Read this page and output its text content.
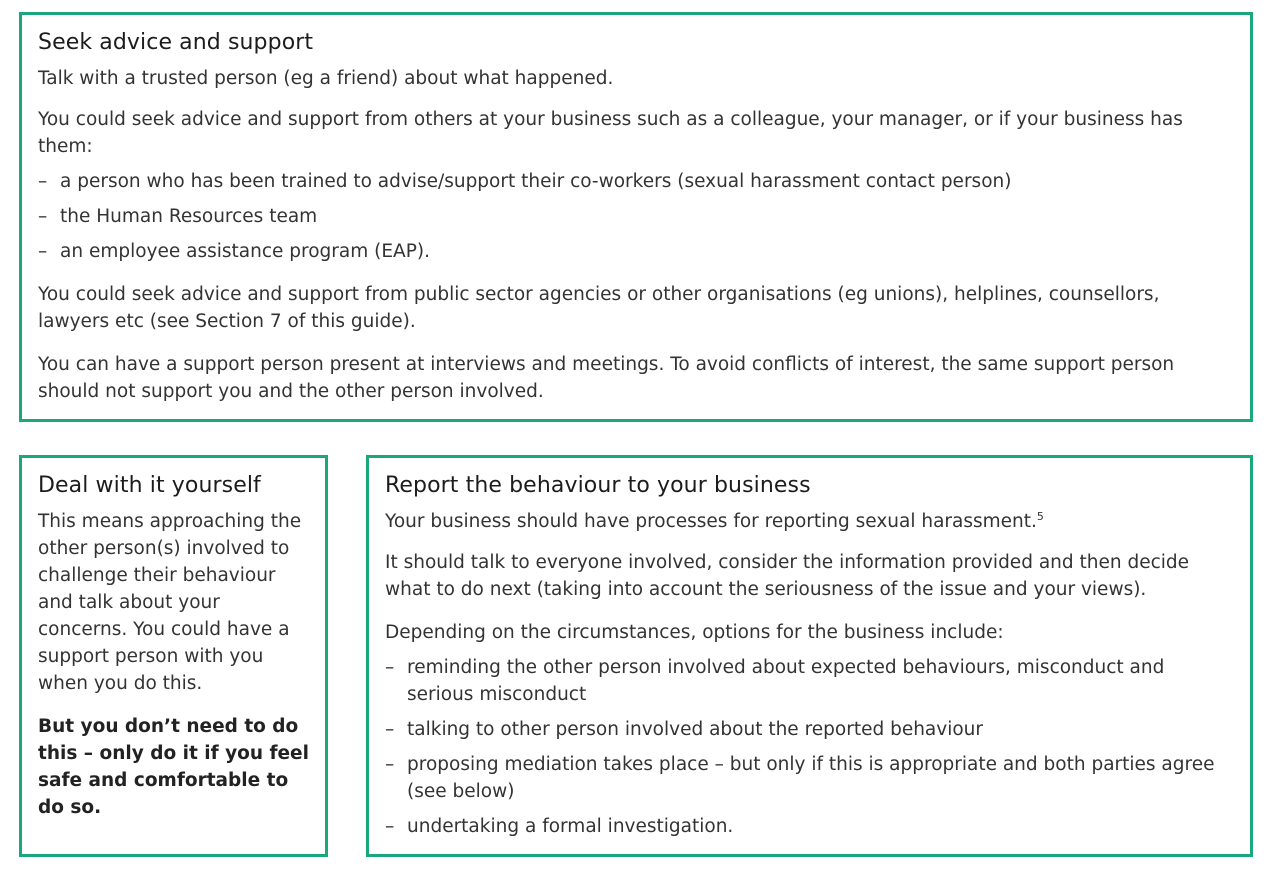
Seek advice and support

Talk with a trusted person (eg a friend) about what happened.

You could seek advice and support from others at your business such as a colleague, your manager, or if your business has them:

– a person who has been trained to advise/support their co-workers (sexual harassment contact person)
– the Human Resources team
– an employee assistance program (EAP).

You could seek advice and support from public sector agencies or other organisations (eg unions), helplines, counsellors, lawyers etc (see Section 7 of this guide).

You can have a support person present at interviews and meetings. To avoid conflicts of interest, the same support person should not support you and the other person involved.

Deal with it yourself

This means approaching the other person(s) involved to challenge their behaviour and talk about your concerns. You could have a support person with you when you do this.

But you don’t need to do this – only do it if you feel safe and comfortable to do so.

Report the behaviour to your business

Your business should have processes for reporting sexual harassment.$^5$

It should talk to everyone involved, consider the information provided and then decide what to do next (taking into account the seriousness of the issue and your views).

Depending on the circumstances, options for the business include:

– reminding the other person involved about expected behaviours, misconduct and serious misconduct
– talking to other person involved about the reported behaviour
– proposing mediation takes place – but only if this is appropriate and both parties agree (see below)
– undertaking a formal investigation.
